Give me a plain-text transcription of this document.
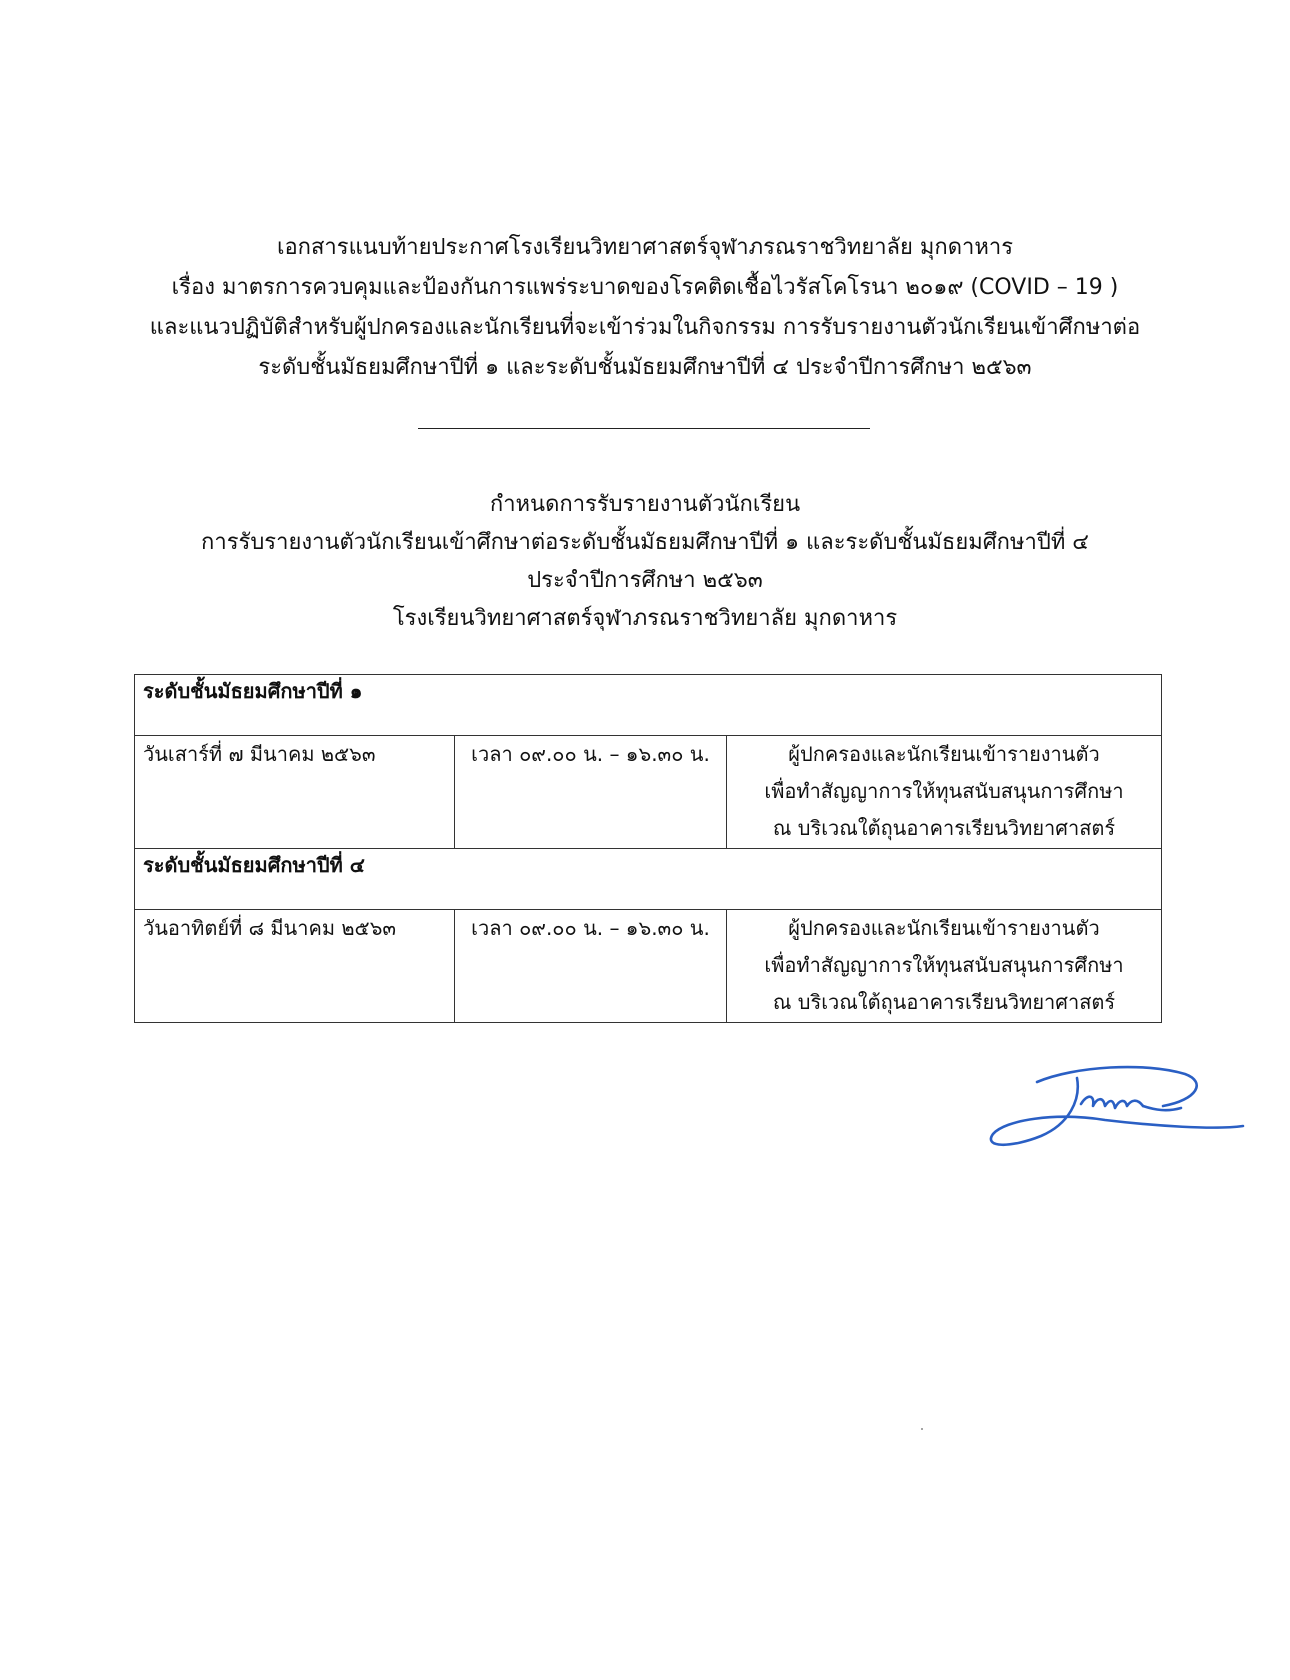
เอกสารแนบท้ายประกาศโรงเรียนวิทยาศาสตร์จุฬาภรณราชวิทยาลัย มุกดาหาร
เรื่อง มาตรการควบคุมและป้องกันการแพร่ระบาดของโรคติดเชื้อไวรัสโคโรนา ๒๐๑๙ (COVID – 19 )
และแนวปฏิบัติสำหรับผู้ปกครองและนักเรียนที่จะเข้าร่วมในกิจกรรม การรับรายงานตัวนักเรียนเข้าศึกษาต่อ
ระดับชั้นมัธยมศึกษาปีที่ ๑ และระดับชั้นมัธยมศึกษาปีที่ ๔ ประจำปีการศึกษา ๒๕๖๓
กำหนดการรับรายงานตัวนักเรียน
การรับรายงานตัวนักเรียนเข้าศึกษาต่อระดับชั้นมัธยมศึกษาปีที่ ๑ และระดับชั้นมัธยมศึกษาปีที่ ๔
ประจำปีการศึกษา ๒๕๖๓
โรงเรียนวิทยาศาสตร์จุฬาภรณราชวิทยาลัย มุกดาหาร
ระดับชั้นมัธยมศึกษาปีที่ ๑		
วันเสาร์ที่ ๗ มีนาคม ๒๕๖๓	เวลา ๐๙.๐๐ น. – ๑๖.๓๐ น.	ผู้ปกครองและนักเรียนเข้ารายงานตัว
เพื่อทำสัญญาการให้ทุนสนับสนุนการศึกษา
ณ บริเวณใต้ถุนอาคารเรียนวิทยาศาสตร์

ระดับชั้นมัธยมศึกษาปีที่ ๔		
วันอาทิตย์ที่ ๘ มีนาคม ๒๕๖๓	เวลา ๐๙.๐๐ น. – ๑๖.๓๐ น.	ผู้ปกครองและนักเรียนเข้ารายงานตัว
เพื่อทำสัญญาการให้ทุนสนับสนุนการศึกษา
ณ บริเวณใต้ถุนอาคารเรียนวิทยาศาสตร์
